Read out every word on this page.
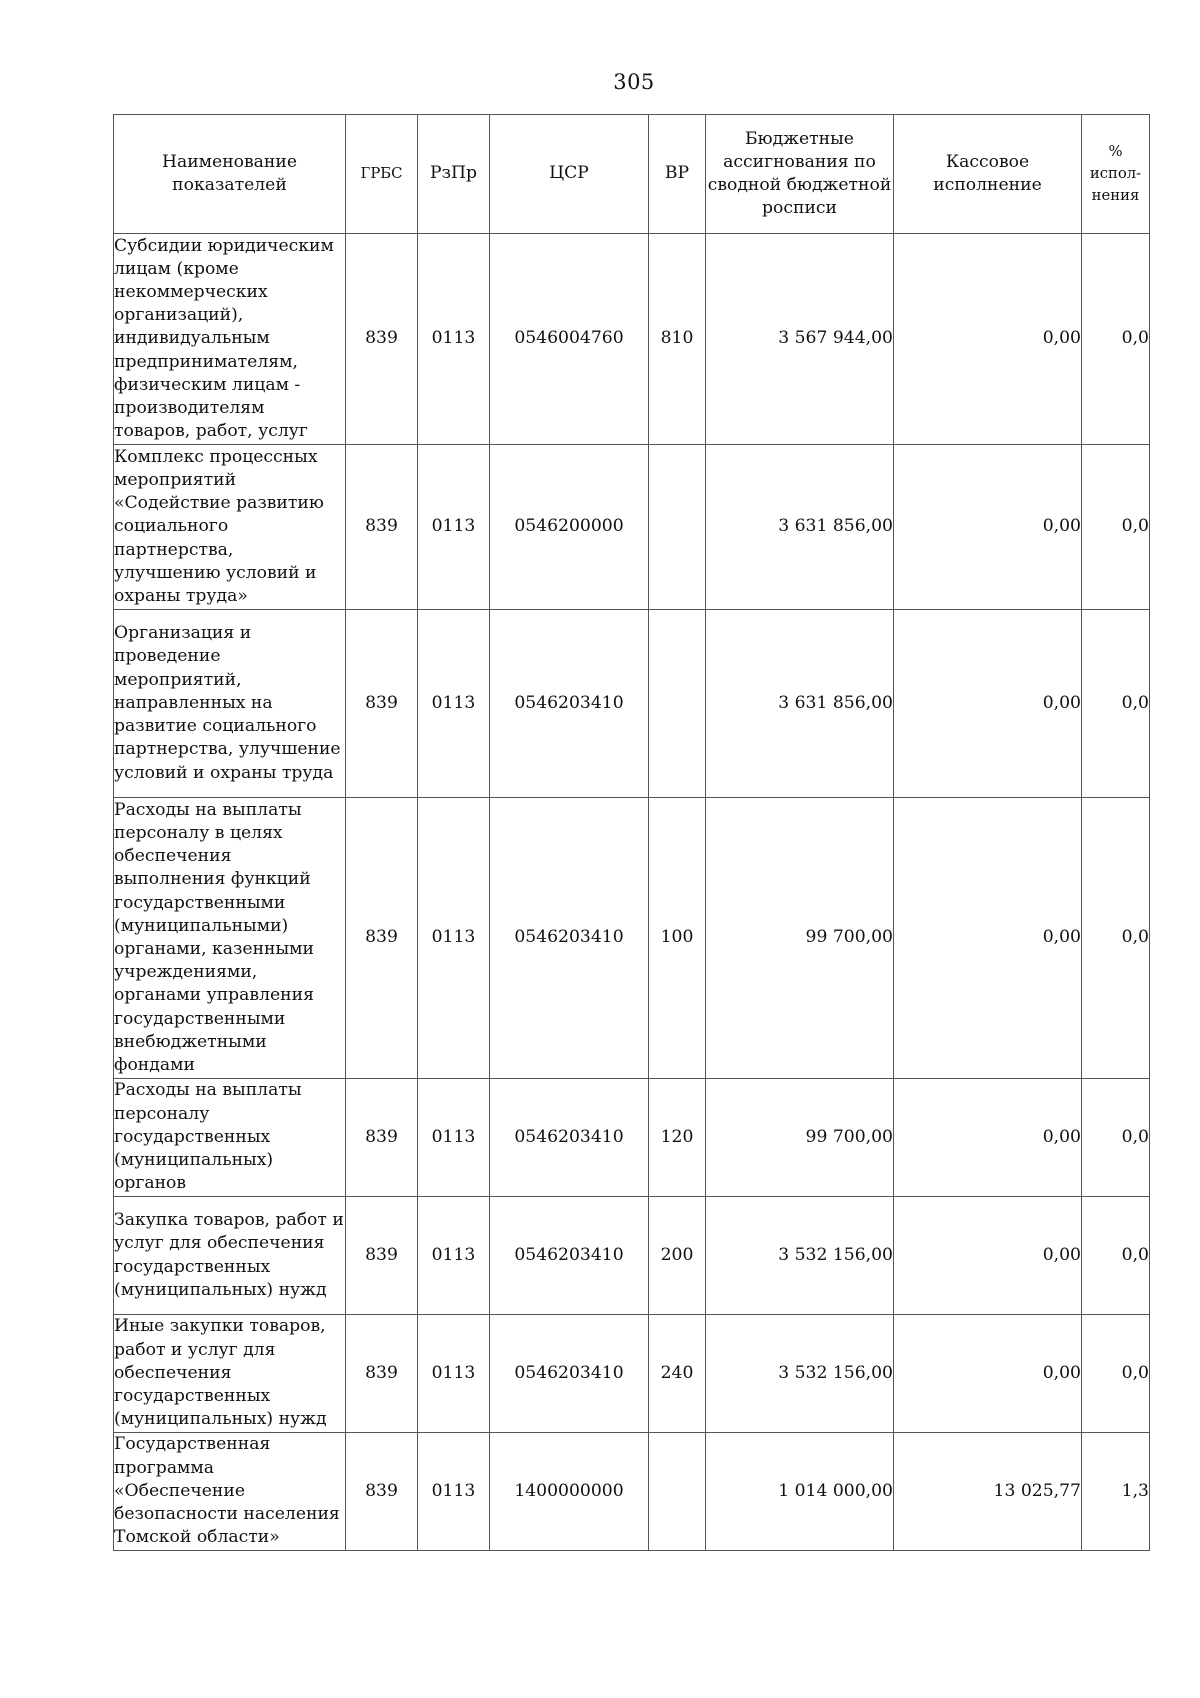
305
Наименование показателей	ГРБС	РзПр	ЦСР	ВР	Бюджетные ассигнования по сводной бюджетной росписи	Кассовое исполнение	% испол-нения
Субсидии юридическим лицам (кроме некоммерческих организаций), индивидуальным предпринимателям, физическим лицам - производителям товаров, работ, услуг	839	0113	0546004760	810	3 567 944,00	0,00	0,0
Комплекс процессных мероприятий «Содействие развитию социального партнерства, улучшению условий и охраны труда»	839	0113	0546200000		3 631 856,00	0,00	0,0
Организация и проведение мероприятий, направленных на развитие социального партнерства, улучшение условий и охраны труда	839	0113	0546203410		3 631 856,00	0,00	0,0
Расходы на выплаты персоналу в целях обеспечения выполнения функций государственными (муниципальными) органами, казенными учреждениями, органами управления государственными внебюджетными фондами	839	0113	0546203410	100	99 700,00	0,00	0,0
Расходы на выплаты персоналу государственных (муниципальных) органов	839	0113	0546203410	120	99 700,00	0,00	0,0
Закупка товаров, работ и услуг для обеспечения государственных (муниципальных) нужд	839	0113	0546203410	200	3 532 156,00	0,00	0,0
Иные закупки товаров, работ и услуг для обеспечения государственных (муниципальных) нужд	839	0113	0546203410	240	3 532 156,00	0,00	0,0
Государственная программа «Обеспечение безопасности населения Томской области»	839	0113	1400000000		1 014 000,00	13 025,77	1,3
